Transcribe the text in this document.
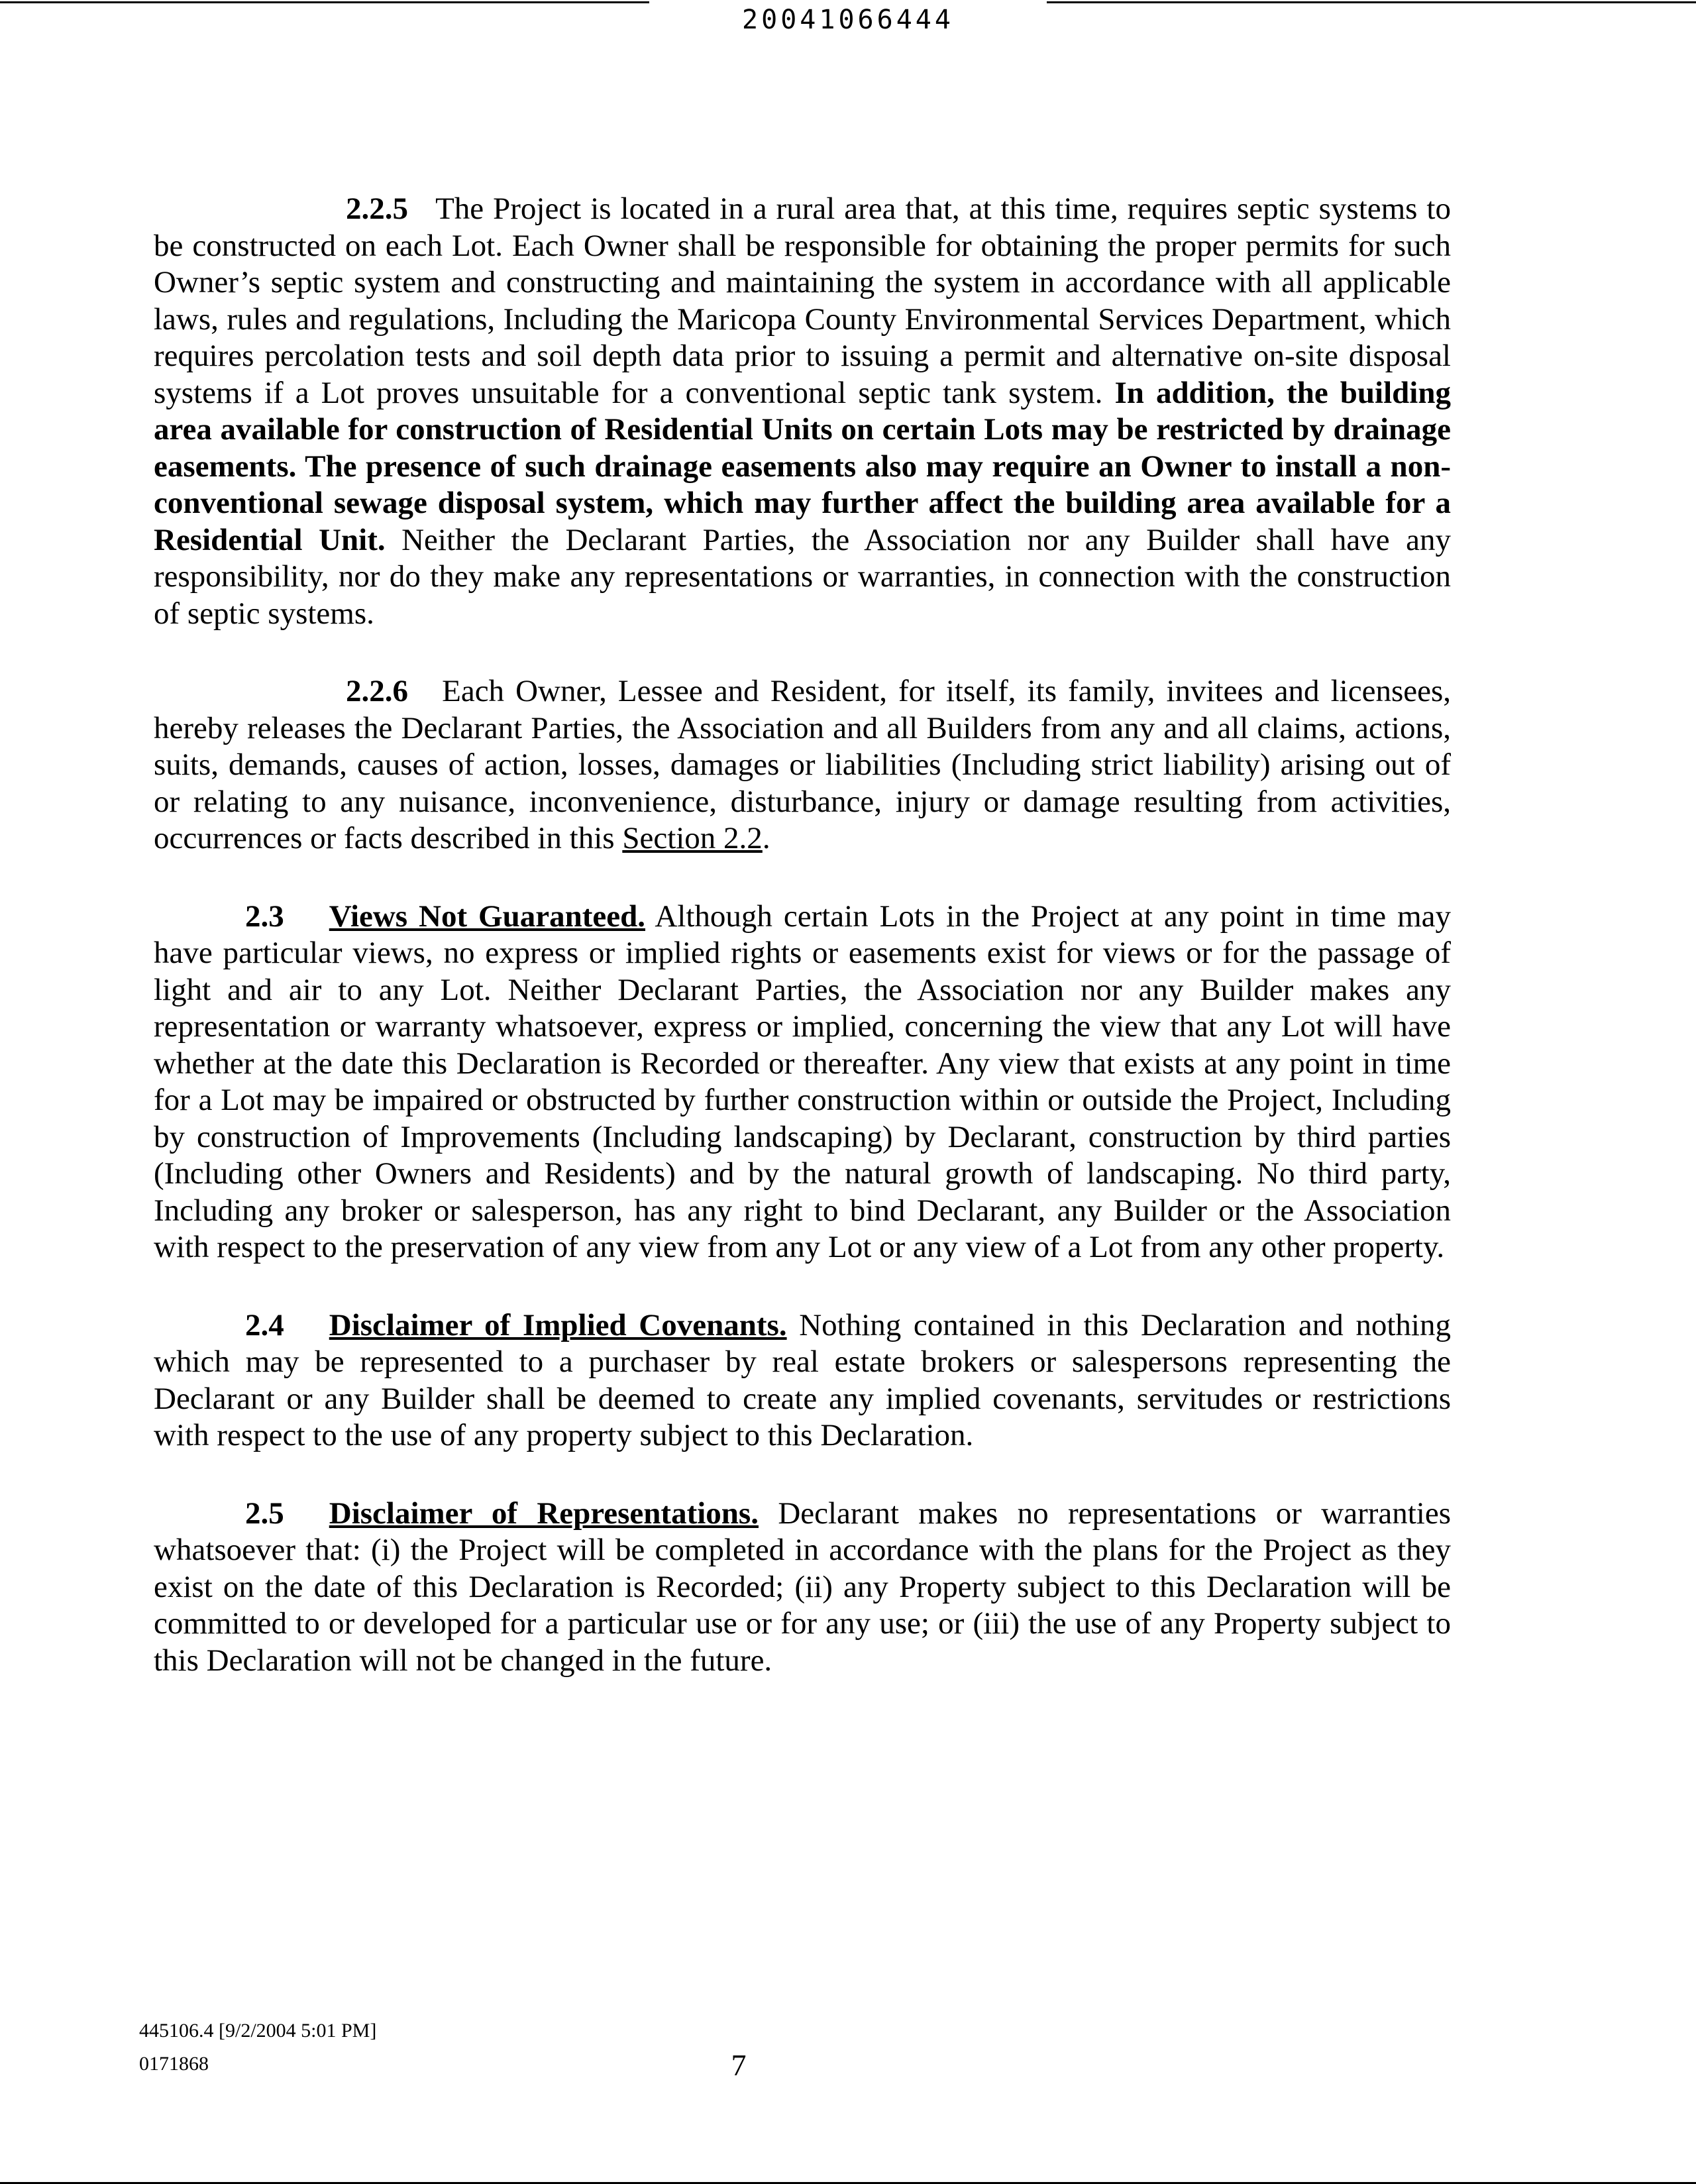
20041066444

2.2.5 The Project is located in a rural area that, at this time, requires septic systems to be constructed on each Lot. Each Owner shall be responsible for obtaining the proper permits for such Owner’s septic system and constructing and maintaining the system in accordance with all applicable laws, rules and regulations, Including the Maricopa County Environmental Services Department, which requires percolation tests and soil depth data prior to issuing a permit and alternative on-site disposal systems if a Lot proves unsuitable for a conventional septic tank system. In addition, the building area available for construction of Residential Units on certain Lots may be restricted by drainage easements. The presence of such drainage easements also may require an Owner to install a non-conventional sewage disposal system, which may further affect the building area available for a Residential Unit. Neither the Declarant Parties, the Association nor any Builder shall have any responsibility, nor do they make any representations or warranties, in connection with the construction of septic systems.

2.2.6 Each Owner, Lessee and Resident, for itself, its family, invitees and licensees, hereby releases the Declarant Parties, the Association and all Builders from any and all claims, actions, suits, demands, causes of action, losses, damages or liabilities (Including strict liability) arising out of or relating to any nuisance, inconvenience, disturbance, injury or damage resulting from activities, occurrences or facts described in this Section 2.2.

2.3 Views Not Guaranteed. Although certain Lots in the Project at any point in time may have particular views, no express or implied rights or easements exist for views or for the passage of light and air to any Lot. Neither Declarant Parties, the Association nor any Builder makes any representation or warranty whatsoever, express or implied, concerning the view that any Lot will have whether at the date this Declaration is Recorded or thereafter. Any view that exists at any point in time for a Lot may be impaired or obstructed by further construction within or outside the Project, Including by construction of Improvements (Including landscaping) by Declarant, construction by third parties (Including other Owners and Residents) and by the natural growth of landscaping. No third party, Including any broker or salesperson, has any right to bind Declarant, any Builder or the Association with respect to the preservation of any view from any Lot or any view of a Lot from any other property.

2.4 Disclaimer of Implied Covenants. Nothing contained in this Declaration and nothing which may be represented to a purchaser by real estate brokers or salespersons representing the Declarant or any Builder shall be deemed to create any implied covenants, servitudes or restrictions with respect to the use of any property subject to this Declaration.

2.5 Disclaimer of Representations. Declarant makes no representations or warranties whatsoever that: (i) the Project will be completed in accordance with the plans for the Project as they exist on the date of this Declaration is Recorded; (ii) any Property subject to this Declaration will be committed to or developed for a particular use or for any use; or (iii) the use of any Property subject to this Declaration will not be changed in the future.

445106.4 [9/2/2004 5:01 PM]
0171868	7
